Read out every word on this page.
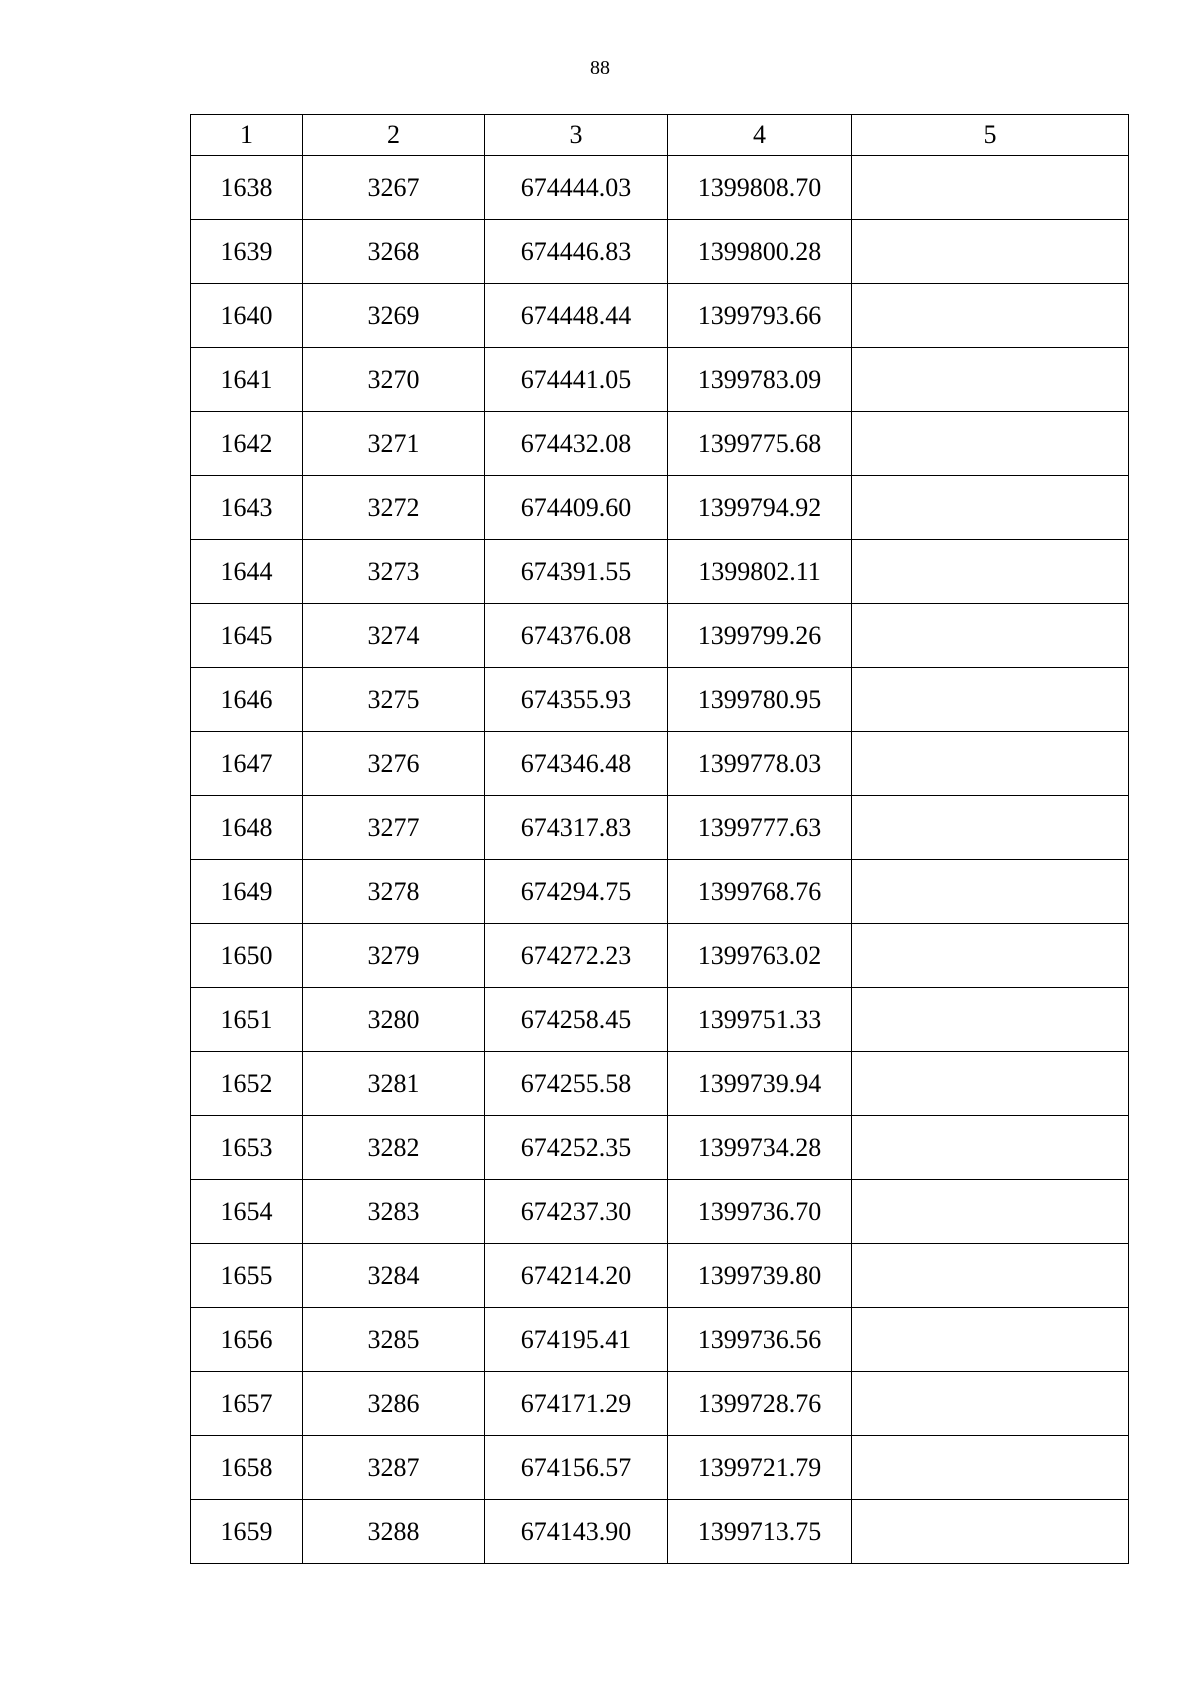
88
1	2	3	4	5
1638	3267	674444.03	1399808.70	
1639	3268	674446.83	1399800.28	
1640	3269	674448.44	1399793.66	
1641	3270	674441.05	1399783.09	
1642	3271	674432.08	1399775.68	
1643	3272	674409.60	1399794.92	
1644	3273	674391.55	1399802.11	
1645	3274	674376.08	1399799.26	
1646	3275	674355.93	1399780.95	
1647	3276	674346.48	1399778.03	
1648	3277	674317.83	1399777.63	
1649	3278	674294.75	1399768.76	
1650	3279	674272.23	1399763.02	
1651	3280	674258.45	1399751.33	
1652	3281	674255.58	1399739.94	
1653	3282	674252.35	1399734.28	
1654	3283	674237.30	1399736.70	
1655	3284	674214.20	1399739.80	
1656	3285	674195.41	1399736.56	
1657	3286	674171.29	1399728.76	
1658	3287	674156.57	1399721.79	
1659	3288	674143.90	1399713.75	
